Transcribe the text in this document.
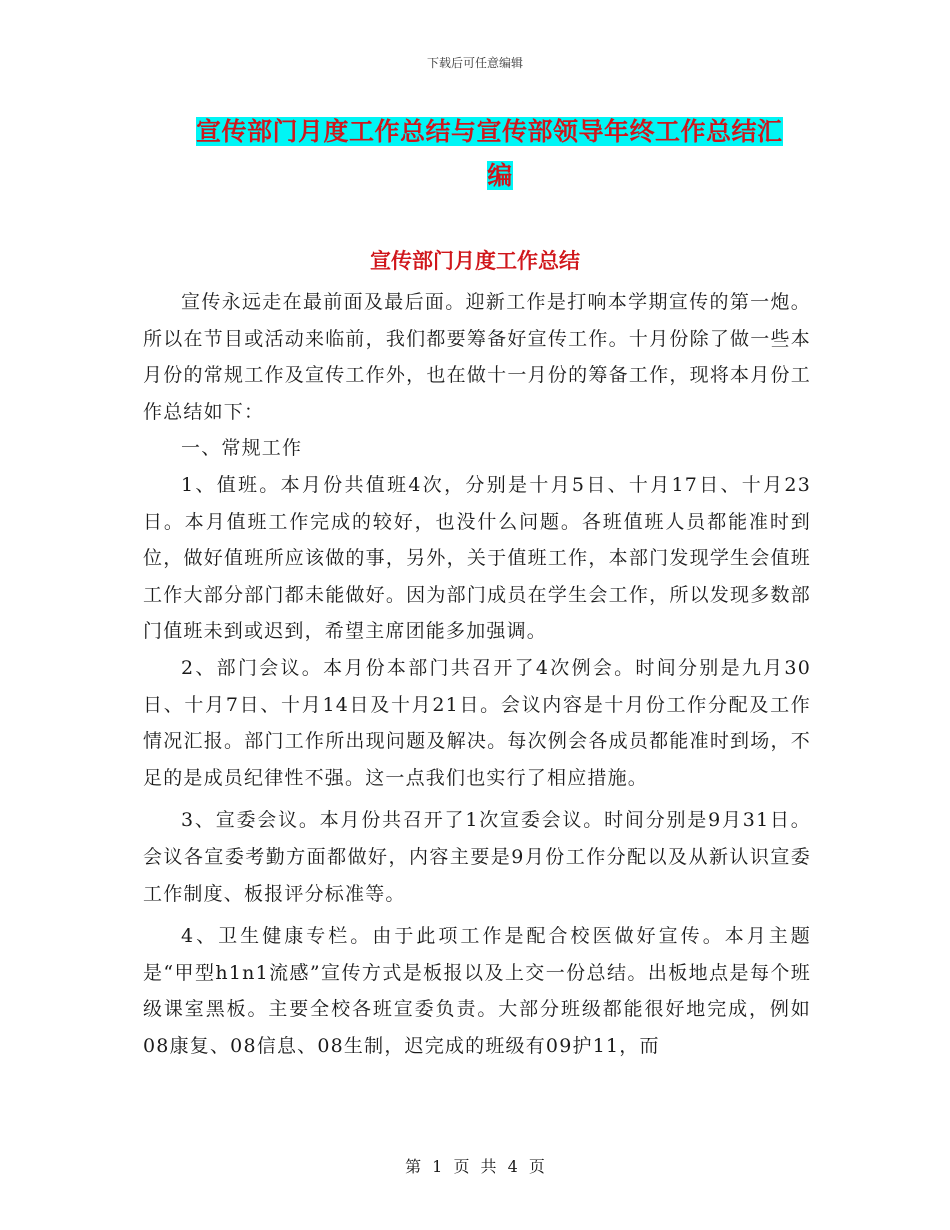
下载后可任意编辑
宣传部门月度工作总结与宣传部领导年终工作总结汇
编
宣传部门月度工作总结

宣传永远走在最前面及最后面。迎新工作是打响本学期宣传的第一炮。所以在节目或活动来临前，我们都要筹备好宣传工作。十月份除了做一些本月份的常规工作及宣传工作外，也在做十一月份的筹备工作，现将本月份工作总结如下：

一、常规工作

1、值班。本月份共值班4次，分别是十月5日、十月17日、十月23日。本月值班工作完成的较好，也没什么问题。各班值班人员都能准时到位，做好值班所应该做的事，另外，关于值班工作，本部门发现学生会值班工作大部分部门都未能做好。因为部门成员在学生会工作，所以发现多数部门值班未到或迟到，希望主席团能多加强调。

2、部门会议。本月份本部门共召开了4次例会。时间分别是九月30日、十月7日、十月14日及十月21日。会议内容是十月份工作分配及工作情况汇报。部门工作所出现问题及解决。每次例会各成员都能准时到场，不足的是成员纪律性不强。这一点我们也实行了相应措施。

3、宣委会议。本月份共召开了1次宣委会议。时间分别是9月31日。会议各宣委考勤方面都做好，内容主要是9月份工作分配以及从新认识宣委工作制度、板报评分标准等。

4、卫生健康专栏。由于此项工作是配合校医做好宣传。本月主题是“甲型h1n1流感”宣传方式是板报以及上交一份总结。出板地点是每个班级课室黑板。主要全校各班宣委负责。大部分班级都能很好地完成，例如08康复、08信息、08生制，迟完成的班级有09护11，而

第 1 页 共 4 页
